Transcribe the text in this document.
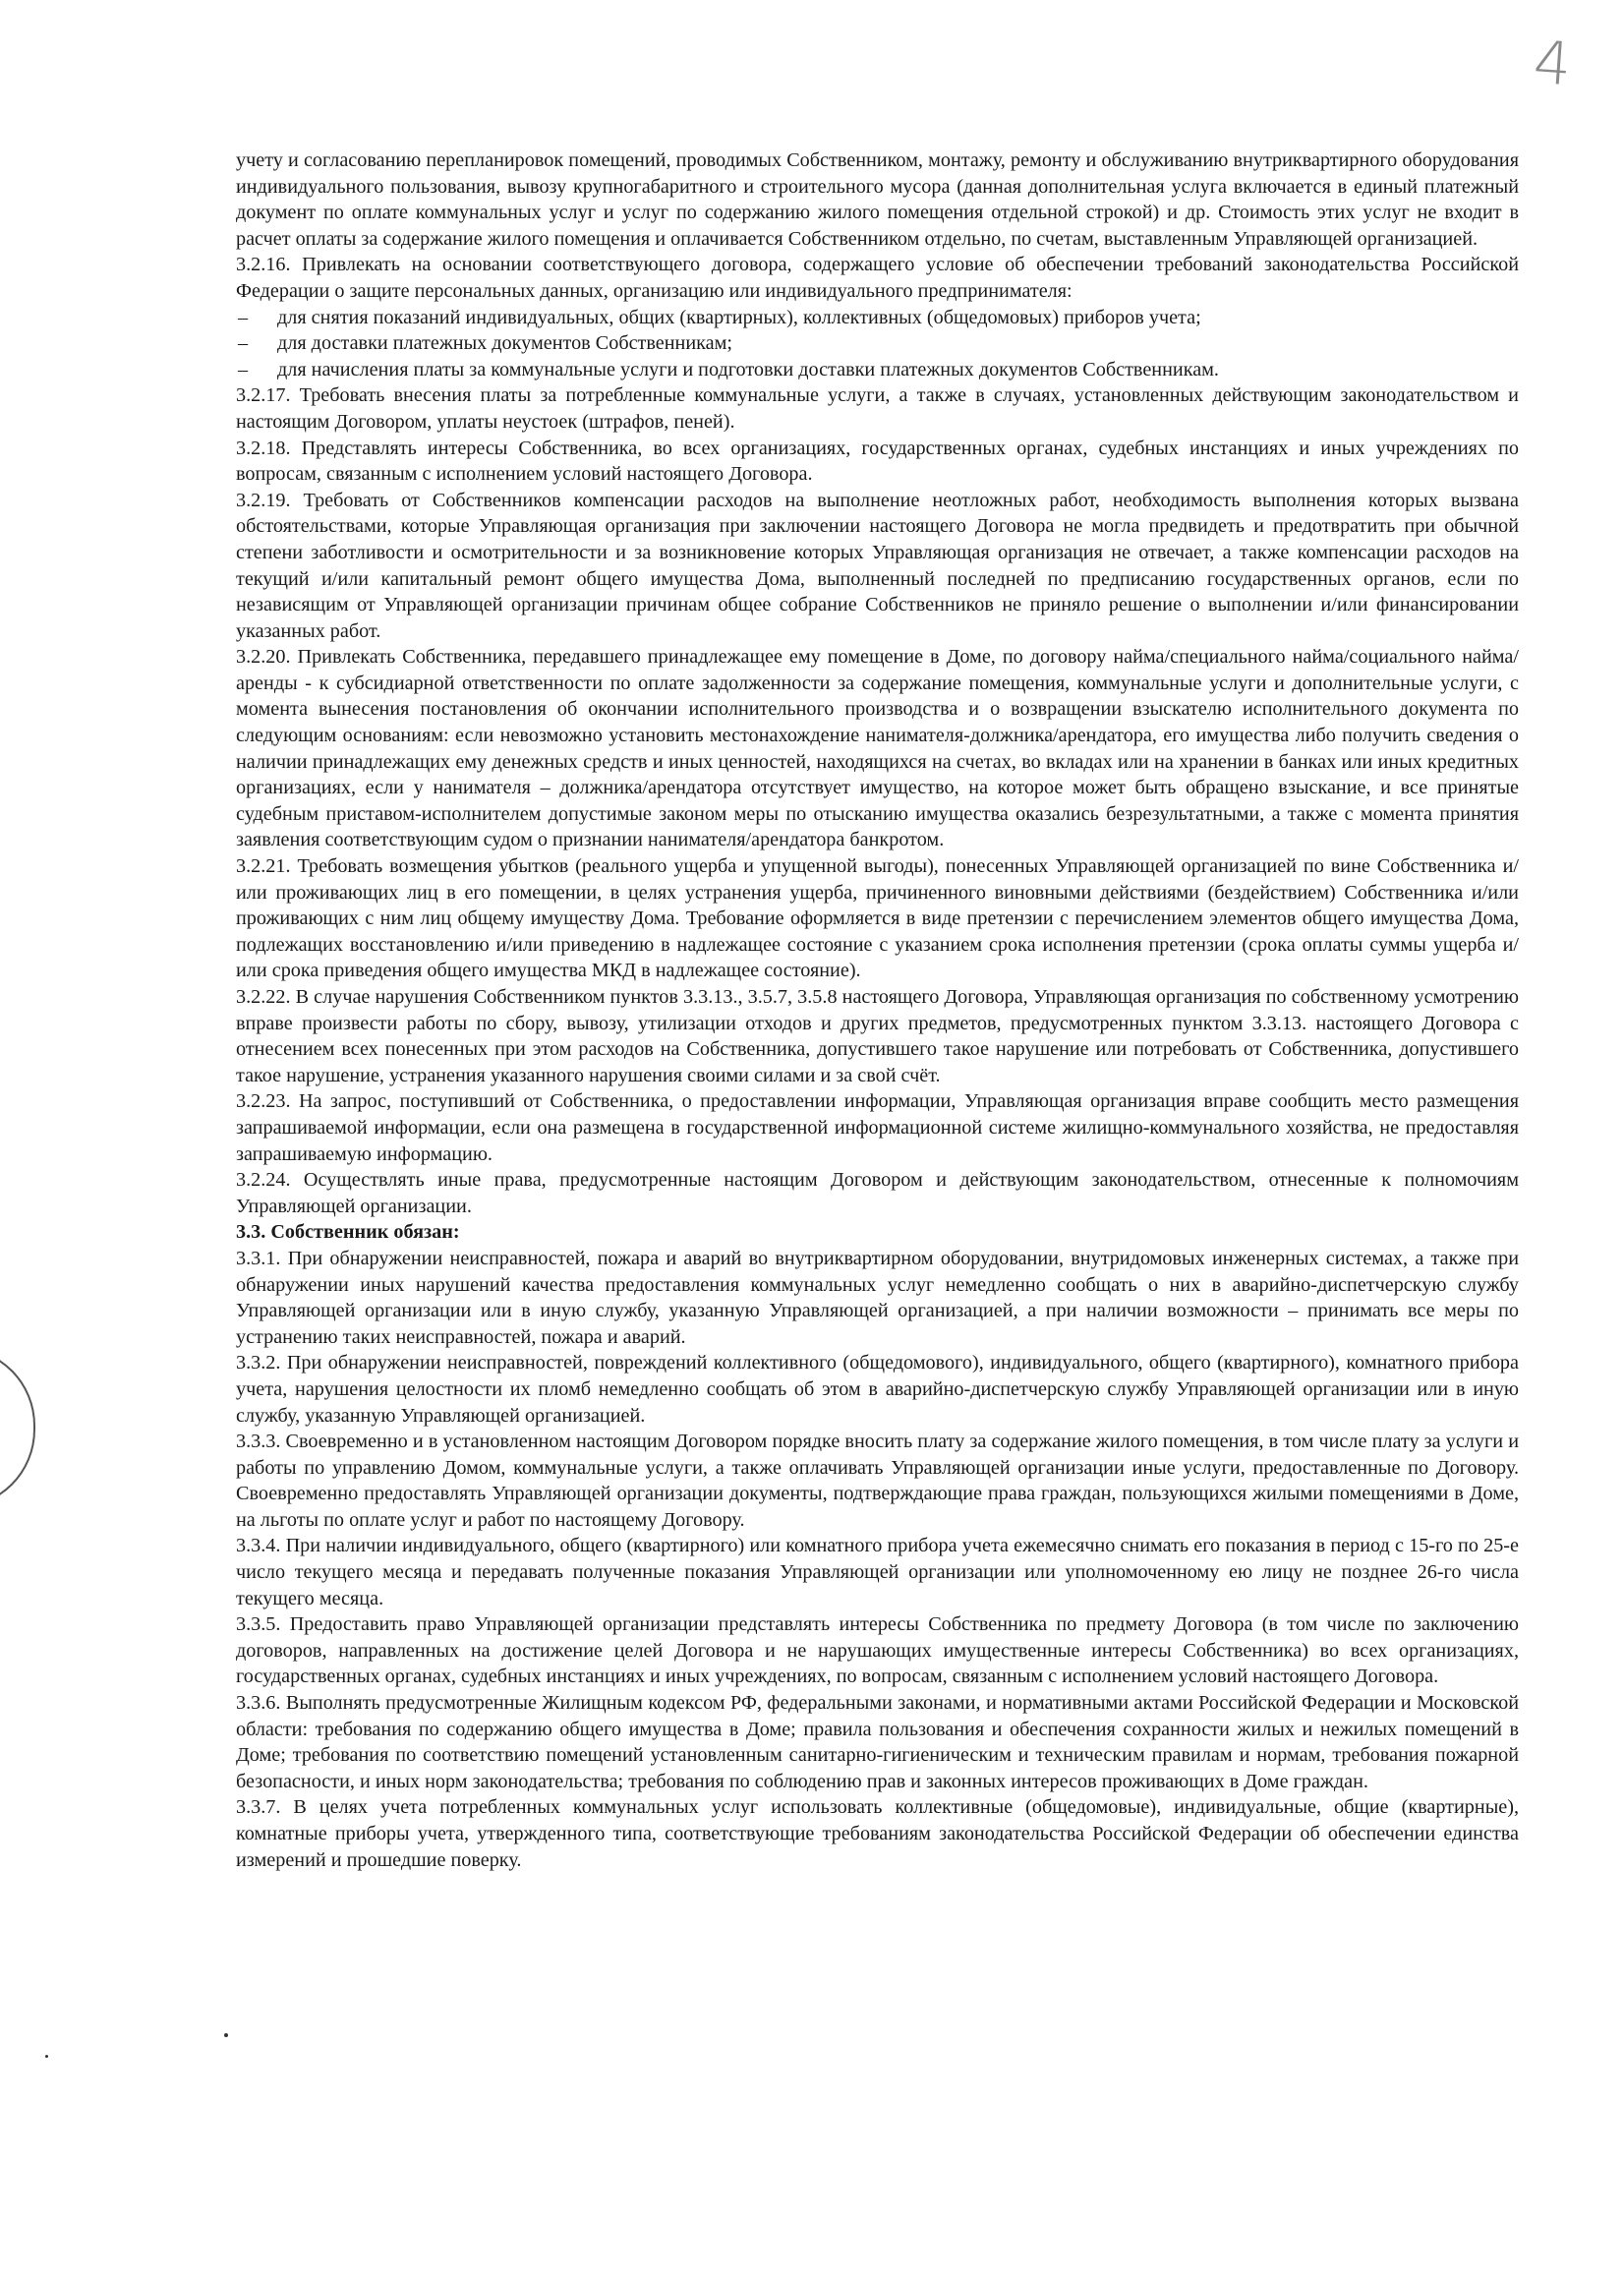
4

учету и согласованию перепланировок помещений, проводимых Собственником, монтажу, ремонту и обслуживанию внутриквартирного оборудования индивидуального пользования, вывозу крупногабаритного и строительного мусора (данная дополнительная услуга включается в единый платежный документ по оплате коммунальных услуг и услуг по содержанию жилого помещения отдельной строкой) и др. Стоимость этих услуг не входит в расчет оплаты за содержание жилого помещения и оплачивается Собственником отдельно, по счетам, выставленным Управляющей организацией.

3.2.16. Привлекать на основании соответствующего договора, содержащего условие об обеспечении требований законодательства Российской Федерации о защите персональных данных, организацию или индивидуального предпринимателя:

– для снятия показаний индивидуальных, общих (квартирных), коллективных (общедомовых) приборов учета;

– для доставки платежных документов Собственникам;

– для начисления платы за коммунальные услуги и подготовки доставки платежных документов Собственникам.

3.2.17. Требовать внесения платы за потребленные коммунальные услуги, а также в случаях, установленных действующим законодательством и настоящим Договором, уплаты неустоек (штрафов, пеней).

3.2.18. Представлять интересы Собственника, во всех организациях, государственных органах, судебных инстанциях и иных учреждениях по вопросам, связанным с исполнением условий настоящего Договора.

3.2.19. Требовать от Собственников компенсации расходов на выполнение неотложных работ, необходимость выполнения которых вызвана обстоятельствами, которые Управляющая организация при заключении настоящего Договора не могла предвидеть и предотвратить при обычной степени заботливости и осмотрительности и за возникновение которых Управляющая организация не отвечает, а также компенсации расходов на текущий и/или капитальный ремонт общего имущества Дома, выполненный последней по предписанию государственных органов, если по независящим от Управляющей организации причинам общее собрание Собственников не приняло решение о выполнении и/или финансировании указанных работ.

3.2.20. Привлекать Собственника, передавшего принадлежащее ему помещение в Доме, по договору найма/специального найма/социального найма/ аренды - к субсидиарной ответственности по оплате задолженности за содержание помещения, коммунальные услуги и дополнительные услуги, с момента вынесения постановления об окончании исполнительного производства и о возвращении взыскателю исполнительного документа по следующим основаниям: если невозможно установить местонахождение нанимателя-должника/арендатора, его имущества либо получить сведения о наличии принадлежащих ему денежных средств и иных ценностей, находящихся на счетах, во вкладах или на хранении в банках или иных кредитных организациях, если у нанимателя – должника/арендатора отсутствует имущество, на которое может быть обращено взыскание, и все принятые судебным приставом-исполнителем допустимые законом меры по отысканию имущества оказались безрезультатными, а также с момента принятия заявления соответствующим судом о признании нанимателя/арендатора банкротом.

3.2.21. Требовать возмещения убытков (реального ущерба и упущенной выгоды), понесенных Управляющей организацией по вине Собственника и/или проживающих лиц в его помещении, в целях устранения ущерба, причиненного виновными действиями (бездействием) Собственника и/или проживающих с ним лиц общему имуществу Дома. Требование оформляется в виде претензии с перечислением элементов общего имущества Дома, подлежащих восстановлению и/или приведению в надлежащее состояние с указанием срока исполнения претензии (срока оплаты суммы ущерба и/или срока приведения общего имущества МКД в надлежащее состояние).

3.2.22. В случае нарушения Собственником пунктов 3.3.13., 3.5.7, 3.5.8 настоящего Договора, Управляющая организация по собственному усмотрению вправе произвести работы по сбору, вывозу, утилизации отходов и других предметов, предусмотренных пунктом 3.3.13. настоящего Договора с отнесением всех понесенных при этом расходов на Собственника, допустившего такое нарушение или потребовать от Собственника, допустившего такое нарушение, устранения указанного нарушения своими силами и за свой счёт.

3.2.23. На запрос, поступивший от Собственника, о предоставлении информации, Управляющая организация вправе сообщить место размещения запрашиваемой информации, если она размещена в государственной информационной системе жилищно-коммунального хозяйства, не предоставляя запрашиваемую информацию.

3.2.24. Осуществлять иные права, предусмотренные настоящим Договором и действующим законодательством, отнесенные к полномочиям Управляющей организации.

3.3. Собственник обязан:

3.3.1. При обнаружении неисправностей, пожара и аварий во внутриквартирном оборудовании, внутридомовых инженерных системах, а также при обнаружении иных нарушений качества предоставления коммунальных услуг немедленно сообщать о них в аварийно-диспетчерскую службу Управляющей организации или в иную службу, указанную Управляющей организацией, а при наличии возможности – принимать все меры по устранению таких неисправностей, пожара и аварий.

3.3.2. При обнаружении неисправностей, повреждений коллективного (общедомового), индивидуального, общего (квартирного), комнатного прибора учета, нарушения целостности их пломб немедленно сообщать об этом в аварийно-диспетчерскую службу Управляющей организации или в иную службу, указанную Управляющей организацией.

3.3.3. Своевременно и в установленном настоящим Договором порядке вносить плату за содержание жилого помещения, в том числе плату за услуги и работы по управлению Домом, коммунальные услуги, а также оплачивать Управляющей организации иные услуги, предоставленные по Договору. Своевременно предоставлять Управляющей организации документы, подтверждающие права граждан, пользующихся жилыми помещениями в Доме, на льготы по оплате услуг и работ по настоящему Договору.

3.3.4. При наличии индивидуального, общего (квартирного) или комнатного прибора учета ежемесячно снимать его показания в период с 15-го по 25-е число текущего месяца и передавать полученные показания Управляющей организации или уполномоченному ею лицу не позднее 26-го числа текущего месяца.

3.3.5. Предоставить право Управляющей организации представлять интересы Собственника по предмету Договора (в том числе по заключению договоров, направленных на достижение целей Договора и не нарушающих имущественные интересы Собственника) во всех организациях, государственных органах, судебных инстанциях и иных учреждениях, по вопросам, связанным с исполнением условий настоящего Договора.

3.3.6. Выполнять предусмотренные Жилищным кодексом РФ, федеральными законами, и нормативными актами Российской Федерации и Московской области: требования по содержанию общего имущества в Доме; правила пользования и обеспечения сохранности жилых и нежилых помещений в Доме; требования по соответствию помещений установленным санитарно-гигиеническим и техническим правилам и нормам, требования пожарной безопасности, и иных норм законодательства; требования по соблюдению прав и законных интересов проживающих в Доме граждан.

3.3.7. В целях учета потребленных коммунальных услуг использовать коллективные (общедомовые), индивидуальные, общие (квартирные), комнатные приборы учета, утвержденного типа, соответствующие требованиям законодательства Российской Федерации об обеспечении единства измерений и прошедшие поверку.
